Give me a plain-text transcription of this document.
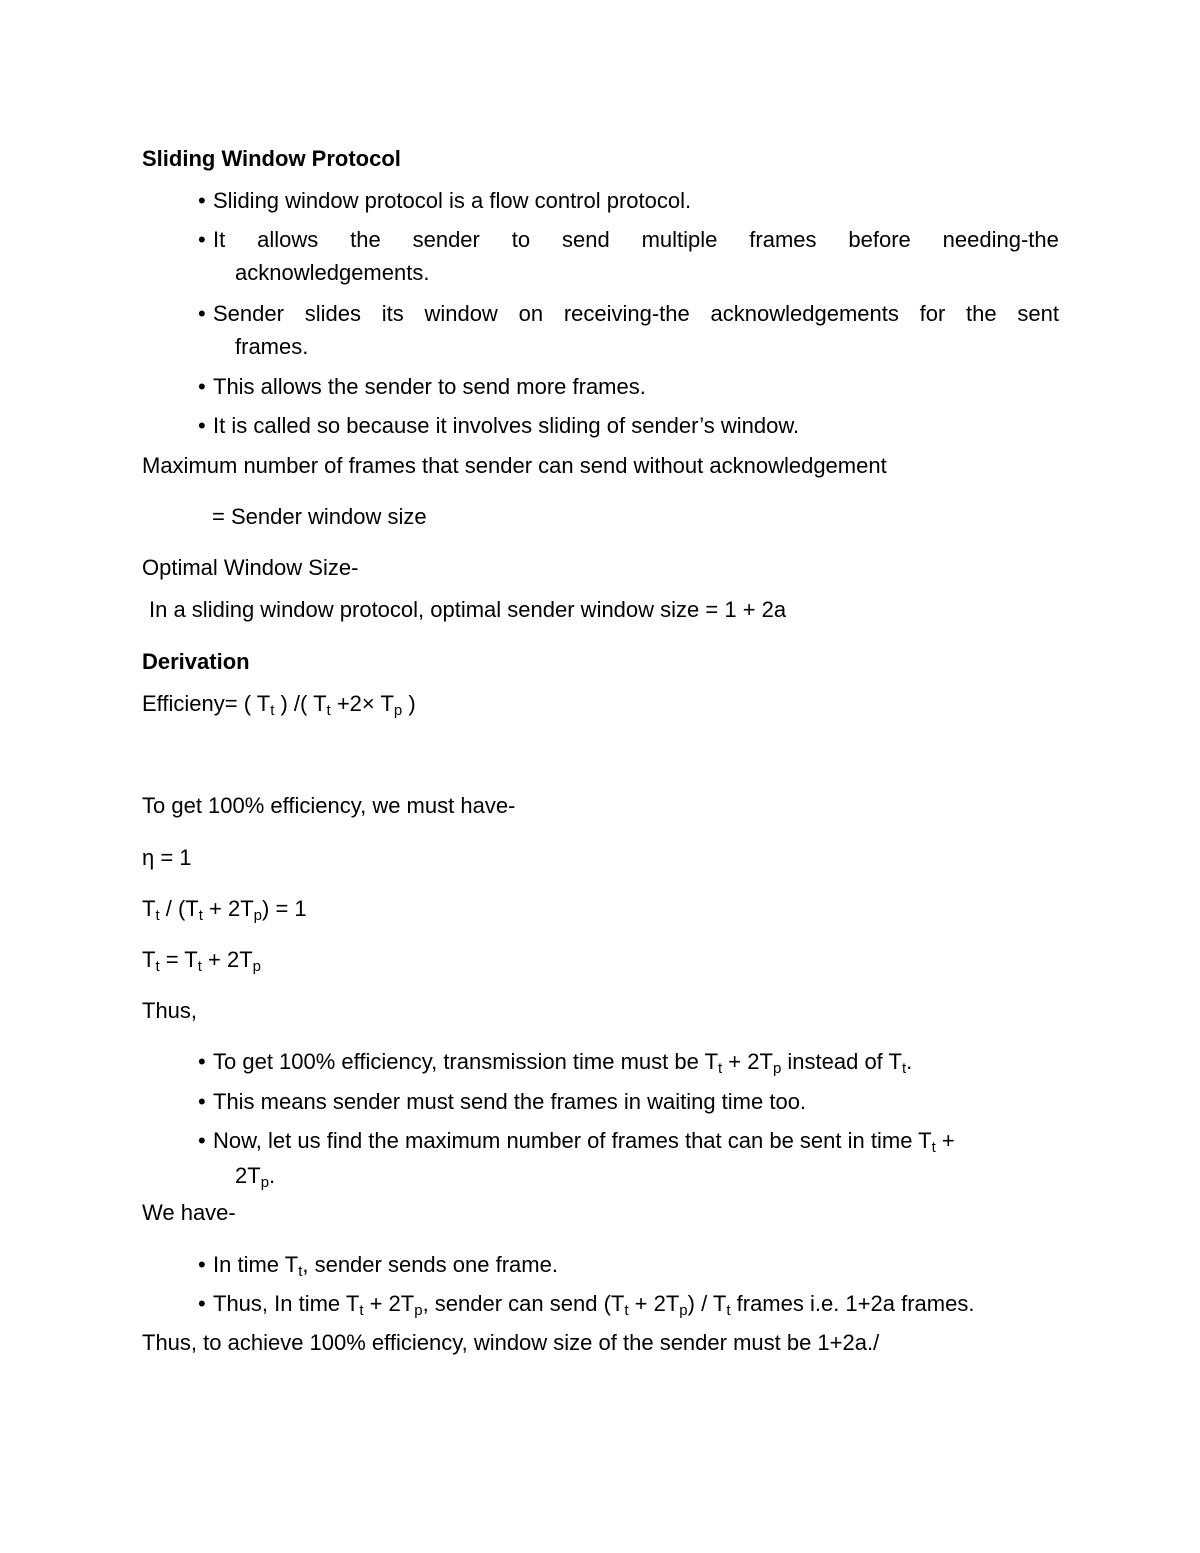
Sliding Window Protocol
• Sliding window protocol is a flow control protocol.
• It allows the sender to send multiple frames before needing-the
acknowledgements.
• Sender slides its window on receiving-the acknowledgements for the sent
frames.
• This allows the sender to send more frames.
• It is called so because it involves sliding of sender’s window.
Maximum number of frames that sender can send without acknowledgement
= Sender window size
Optimal Window Size-
In a sliding window protocol, optimal sender window size = 1 + 2a
Derivation
Efficieny= ( $T_t$ ) /( $T_t +2\times T_p$ )
To get 100% efficiency, we must have-
η = 1
$T_t / (T_t + 2T_p) = 1$
$T_t = T_t + 2T_p$
Thus,
• To get 100% efficiency, transmission time must be $T_t + 2T_p$ instead of $T_t$.
• This means sender must send the frames in waiting time too.
• Now, let us find the maximum number of frames that can be sent in time $T_t$ +
$2T_p$.
We have-
• In time $T_t$, sender sends one frame.
• Thus, In time $T_t + 2T_p$, sender can send $(T_t + 2T_p) / T_t$ frames i.e. 1+2a frames.
Thus, to achieve 100% efficiency, window size of the sender must be 1+2a./
